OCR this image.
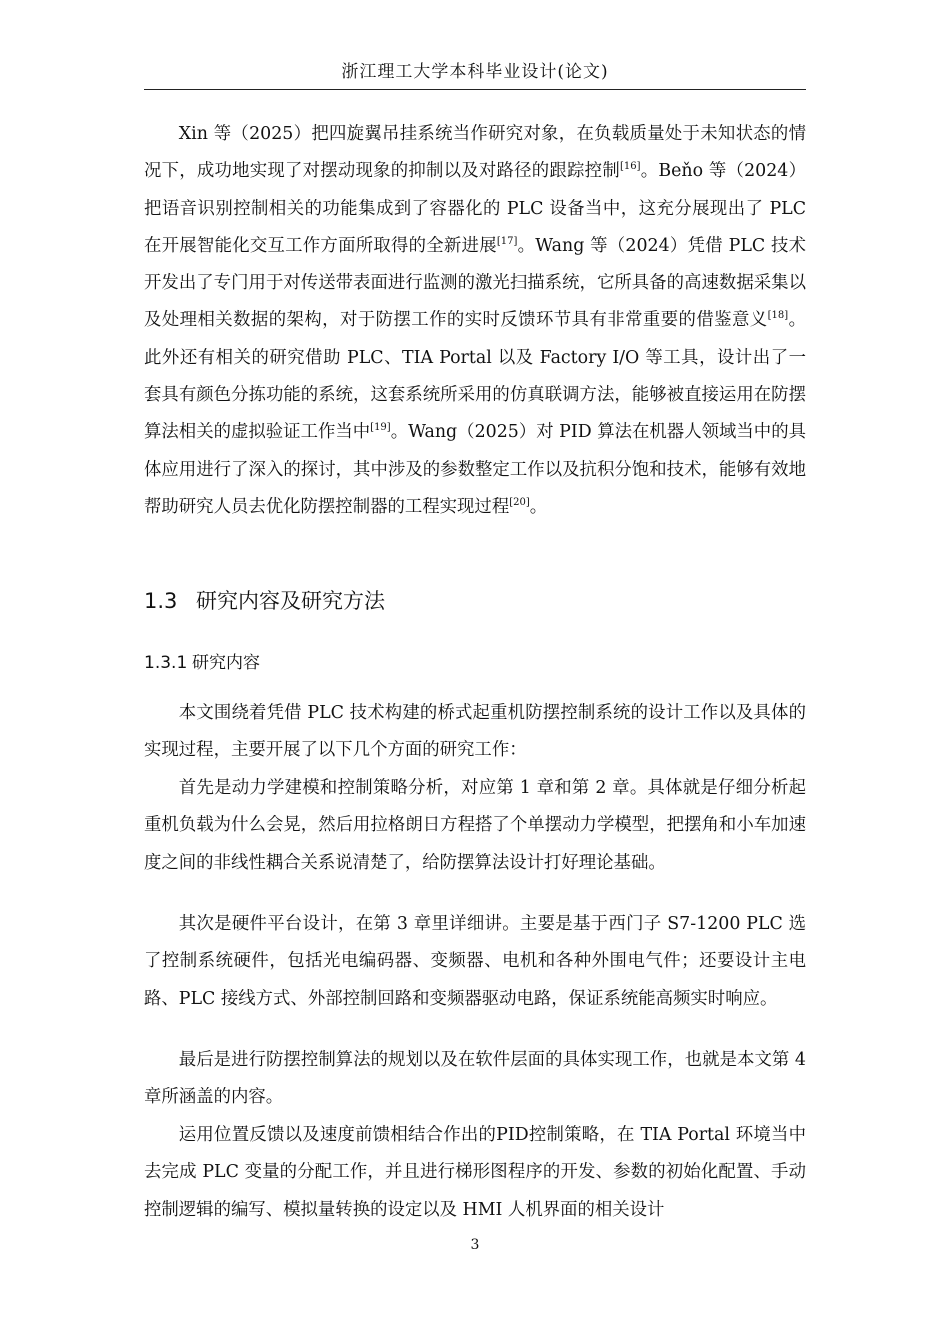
浙江理工大学本科毕业设计(论文)

Xin 等（2025）把四旋翼吊挂系统当作研究对象，在负载质量处于未知状态的情况下，成功地实现了对摆动现象的抑制以及对路径的跟踪控制[16]。Beňo 等（2024）把语音识别控制相关的功能集成到了容器化的 PLC 设备当中，这充分展现出了 PLC 在开展智能化交互工作方面所取得的全新进展[17]。Wang 等（2024）凭借 PLC 技术开发出了专门用于对传送带表面进行监测的激光扫描系统，它所具备的高速数据采集以及处理相关数据的架构，对于防摆工作的实时反馈环节具有非常重要的借鉴意义[18]。此外还有相关的研究借助 PLC、TIA Portal 以及 Factory I/O 等工具，设计出了一套具有颜色分拣功能的系统，这套系统所采用的仿真联调方法，能够被直接运用在防摆算法相关的虚拟验证工作当中[19]。Wang（2025）对 PID 算法在机器人领域当中的具体应用进行了深入的探讨，其中涉及的参数整定工作以及抗积分饱和技术，能够有效地帮助研究人员去优化防摆控制器的工程实现过程[20]。

1.3 研究内容及研究方法
1.3.1 研究内容

本文围绕着凭借 PLC 技术构建的桥式起重机防摆控制系统的设计工作以及具体的实现过程，主要开展了以下几个方面的研究工作：

首先是动力学建模和控制策略分析，对应第 1 章和第 2 章。具体就是仔细分析起重机负载为什么会晃，然后用拉格朗日方程搭了个单摆动力学模型，把摆角和小车加速度之间的非线性耦合关系说清楚了，给防摆算法设计打好理论基础。

其次是硬件平台设计，在第 3 章里详细讲。主要是基于西门子 S7-1200 PLC 选了控制系统硬件，包括光电编码器、变频器、电机和各种外围电气件；还要设计主电路、PLC 接线方式、外部控制回路和变频器驱动电路，保证系统能高频实时响应。

最后是进行防摆控制算法的规划以及在软件层面的具体实现工作，也就是本文第 4 章所涵盖的内容。

运用位置反馈以及速度前馈相结合作出的PID控制策略，在 TIA Portal 环境当中去完成 PLC 变量的分配工作，并且进行梯形图程序的开发、参数的初始化配置、手动控制逻辑的编写、模拟量转换的设定以及 HMI 人机界面的相关设计

3
